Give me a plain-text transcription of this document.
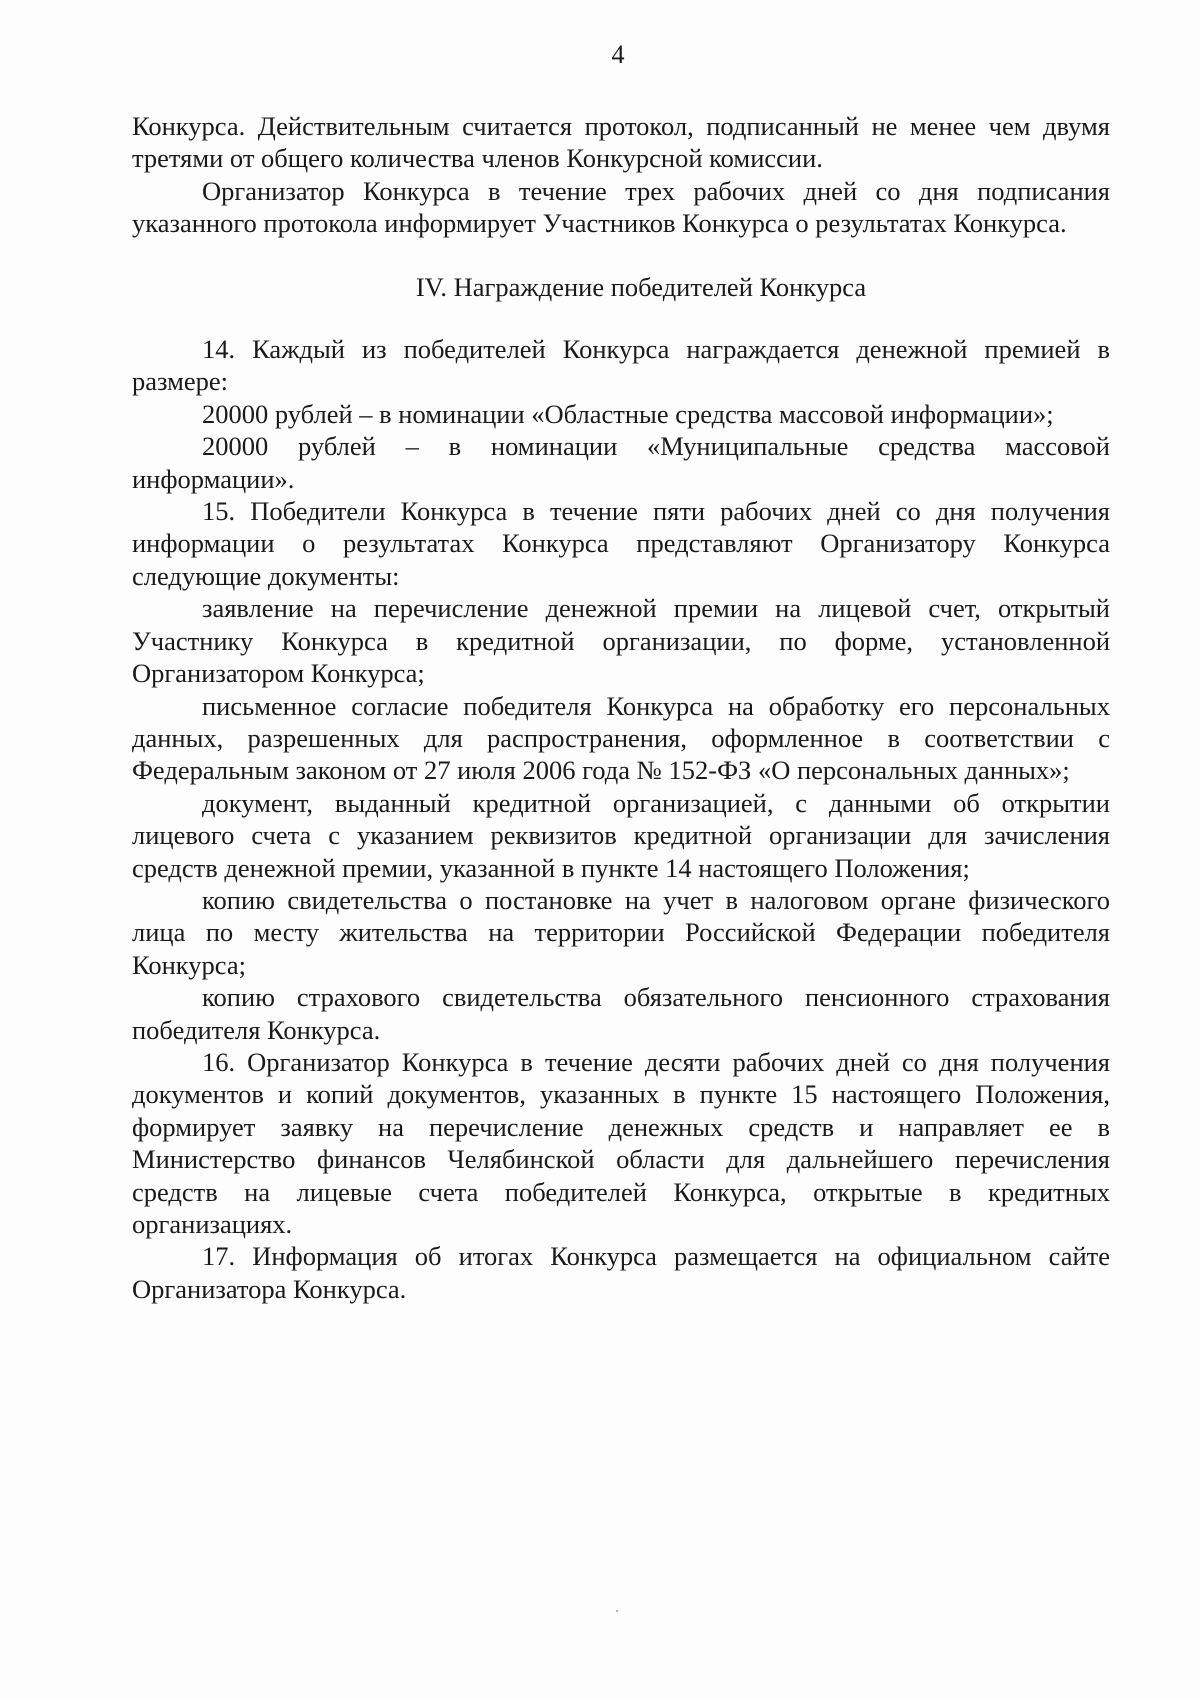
4

Конкурса. Действительным считается протокол, подписанный не менее чем двумя третями от общего количества членов Конкурсной комиссии.

Организатор Конкурса в течение трех рабочих дней со дня подписания указанного протокола информирует Участников Конкурса о результатах Конкурса.

IV. Награждение победителей Конкурса

14. Каждый из победителей Конкурса награждается денежной премией в размере:

20000 рублей – в номинации «Областные средства массовой информации»;

20000 рублей – в номинации «Муниципальные средства массовой информации».

15. Победители Конкурса в течение пяти рабочих дней со дня получения информации о результатах Конкурса представляют Организатору Конкурса следующие документы:

заявление на перечисление денежной премии на лицевой счет, открытый Участнику Конкурса в кредитной организации, по форме, установленной Организатором Конкурса;

письменное согласие победителя Конкурса на обработку его персональных данных, разрешенных для распространения, оформленное в соответствии с Федеральным законом от 27 июля 2006 года № 152-ФЗ «О персональных данных»;

документ, выданный кредитной организацией, с данными об открытии лицевого счета с указанием реквизитов кредитной организации для зачисления средств денежной премии, указанной в пункте 14 настоящего Положения;

копию свидетельства о постановке на учет в налоговом органе физического лица по месту жительства на территории Российской Федерации победителя Конкурса;

копию страхового свидетельства обязательного пенсионного страхования победителя Конкурса.

16. Организатор Конкурса в течение десяти рабочих дней со дня получения документов и копий документов, указанных в пункте 15 настоящего Положения, формирует заявку на перечисление денежных средств и направляет ее в Министерство финансов Челябинской области для дальнейшего перечисления средств на лицевые счета победителей Конкурса, открытые в кредитных организациях.

17. Информация об итогах Конкурса размещается на официальном сайте Организатора Конкурса.
